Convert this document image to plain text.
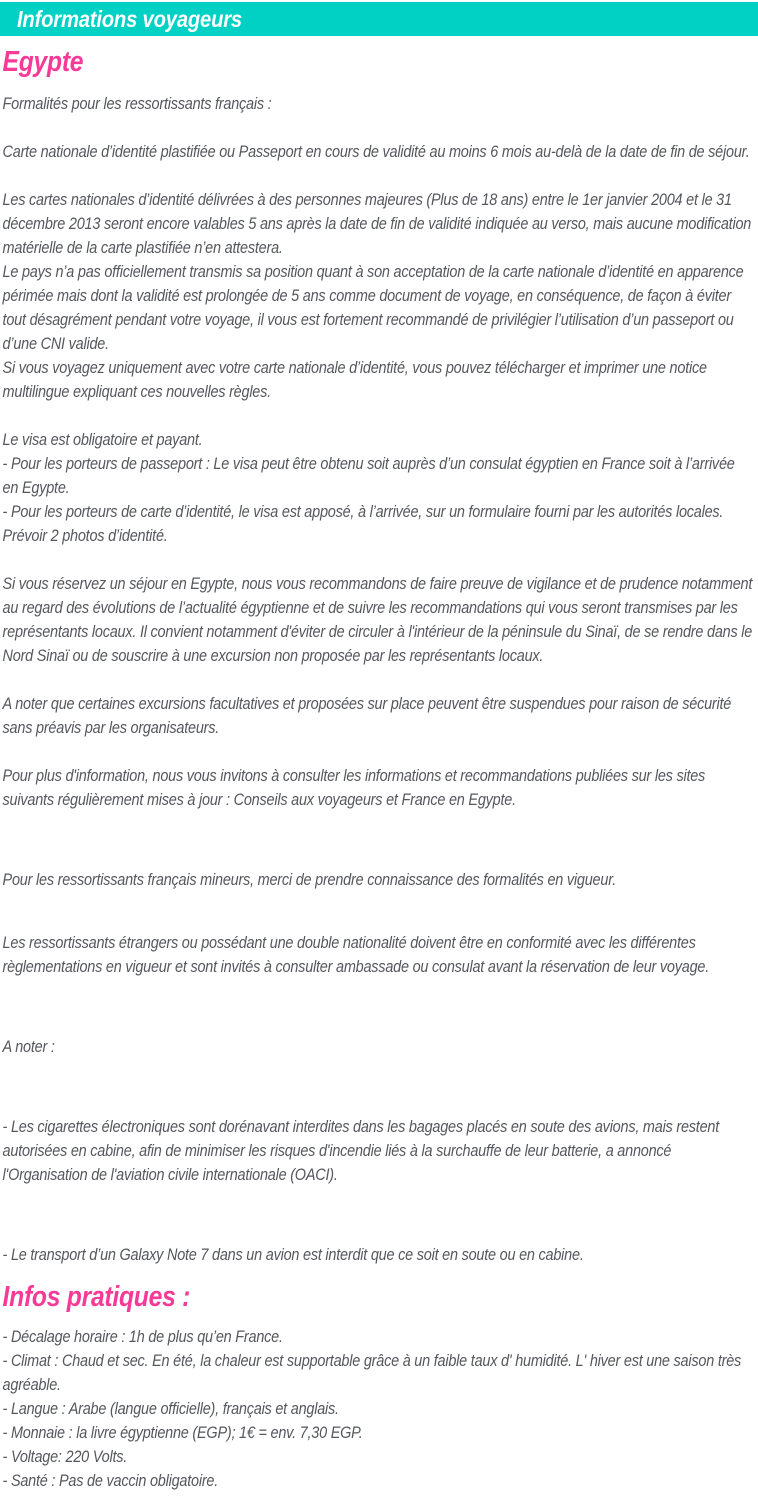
Informations voyageurs
Egypte

Formalités pour les ressortissants français :

Carte nationale d’identité plastifiée ou Passeport en cours de validité au moins 6 mois au-delà de la date de fin de séjour.

Les cartes nationales d’identité délivrées à des personnes majeures (Plus de 18 ans) entre le 1er janvier 2004 et le 31 décembre 2013 seront encore valables 5 ans après la date de fin de validité indiquée au verso, mais aucune modification matérielle de la carte plastifiée n’en attestera.

Le pays n’a pas officiellement transmis sa position quant à son acceptation de la carte nationale d’identité en apparence périmée mais dont la validité est prolongée de 5 ans comme document de voyage, en conséquence, de façon à éviter tout désagrément pendant votre voyage, il vous est fortement recommandé de privilégier l’utilisation d’un passeport ou d’une CNI valide.

Si vous voyagez uniquement avec votre carte nationale d’identité, vous pouvez télécharger et imprimer une notice multilingue expliquant ces nouvelles règles.

Le visa est obligatoire et payant.

- Pour les porteurs de passeport : Le visa peut être obtenu soit auprès d’un consulat égyptien en France soit à l’arrivée en Egypte.

- Pour les porteurs de carte d’identité, le visa est apposé, à l’arrivée, sur un formulaire fourni par les autorités locales. Prévoir 2 photos d’identité.

Si vous réservez un séjour en Egypte, nous vous recommandons de faire preuve de vigilance et de prudence notamment au regard des évolutions de l’actualité égyptienne et de suivre les recommandations qui vous seront transmises par les représentants locaux. Il convient notamment d'éviter de circuler à l'intérieur de la péninsule du Sinaï, de se rendre dans le Nord Sinaï ou de souscrire à une excursion non proposée par les représentants locaux.

A noter que certaines excursions facultatives et proposées sur place peuvent être suspendues pour raison de sécurité sans préavis par les organisateurs.

Pour plus d'information, nous vous invitons à consulter les informations et recommandations publiées sur les sites suivants régulièrement mises à jour : Conseils aux voyageurs et France en Egypte.

Pour les ressortissants français mineurs, merci de prendre connaissance des formalités en vigueur.

Les ressortissants étrangers ou possédant une double nationalité doivent être en conformité avec les différentes règlementations en vigueur et sont invités à consulter ambassade ou consulat avant la réservation de leur voyage.

A noter :

- Les cigarettes électroniques sont dorénavant interdites dans les bagages placés en soute des avions, mais restent autorisées en cabine, afin de minimiser les risques d'incendie liés à la surchauffe de leur batterie, a annoncé l'Organisation de l'aviation civile internationale (OACI).

- Le transport d’un Galaxy Note 7 dans un avion est interdit que ce soit en soute ou en cabine.

Infos pratiques :

- Décalage horaire : 1h de plus qu’en France.

- Climat : Chaud et sec. En été, la chaleur est supportable grâce à un faible taux d' humidité. L' hiver est une saison très agréable.

- Langue : Arabe (langue officielle), français et anglais.

- Monnaie : la livre égyptienne (EGP); 1€ = env. 7,30 EGP.

- Voltage: 220 Volts.

- Santé : Pas de vaccin obligatoire.
